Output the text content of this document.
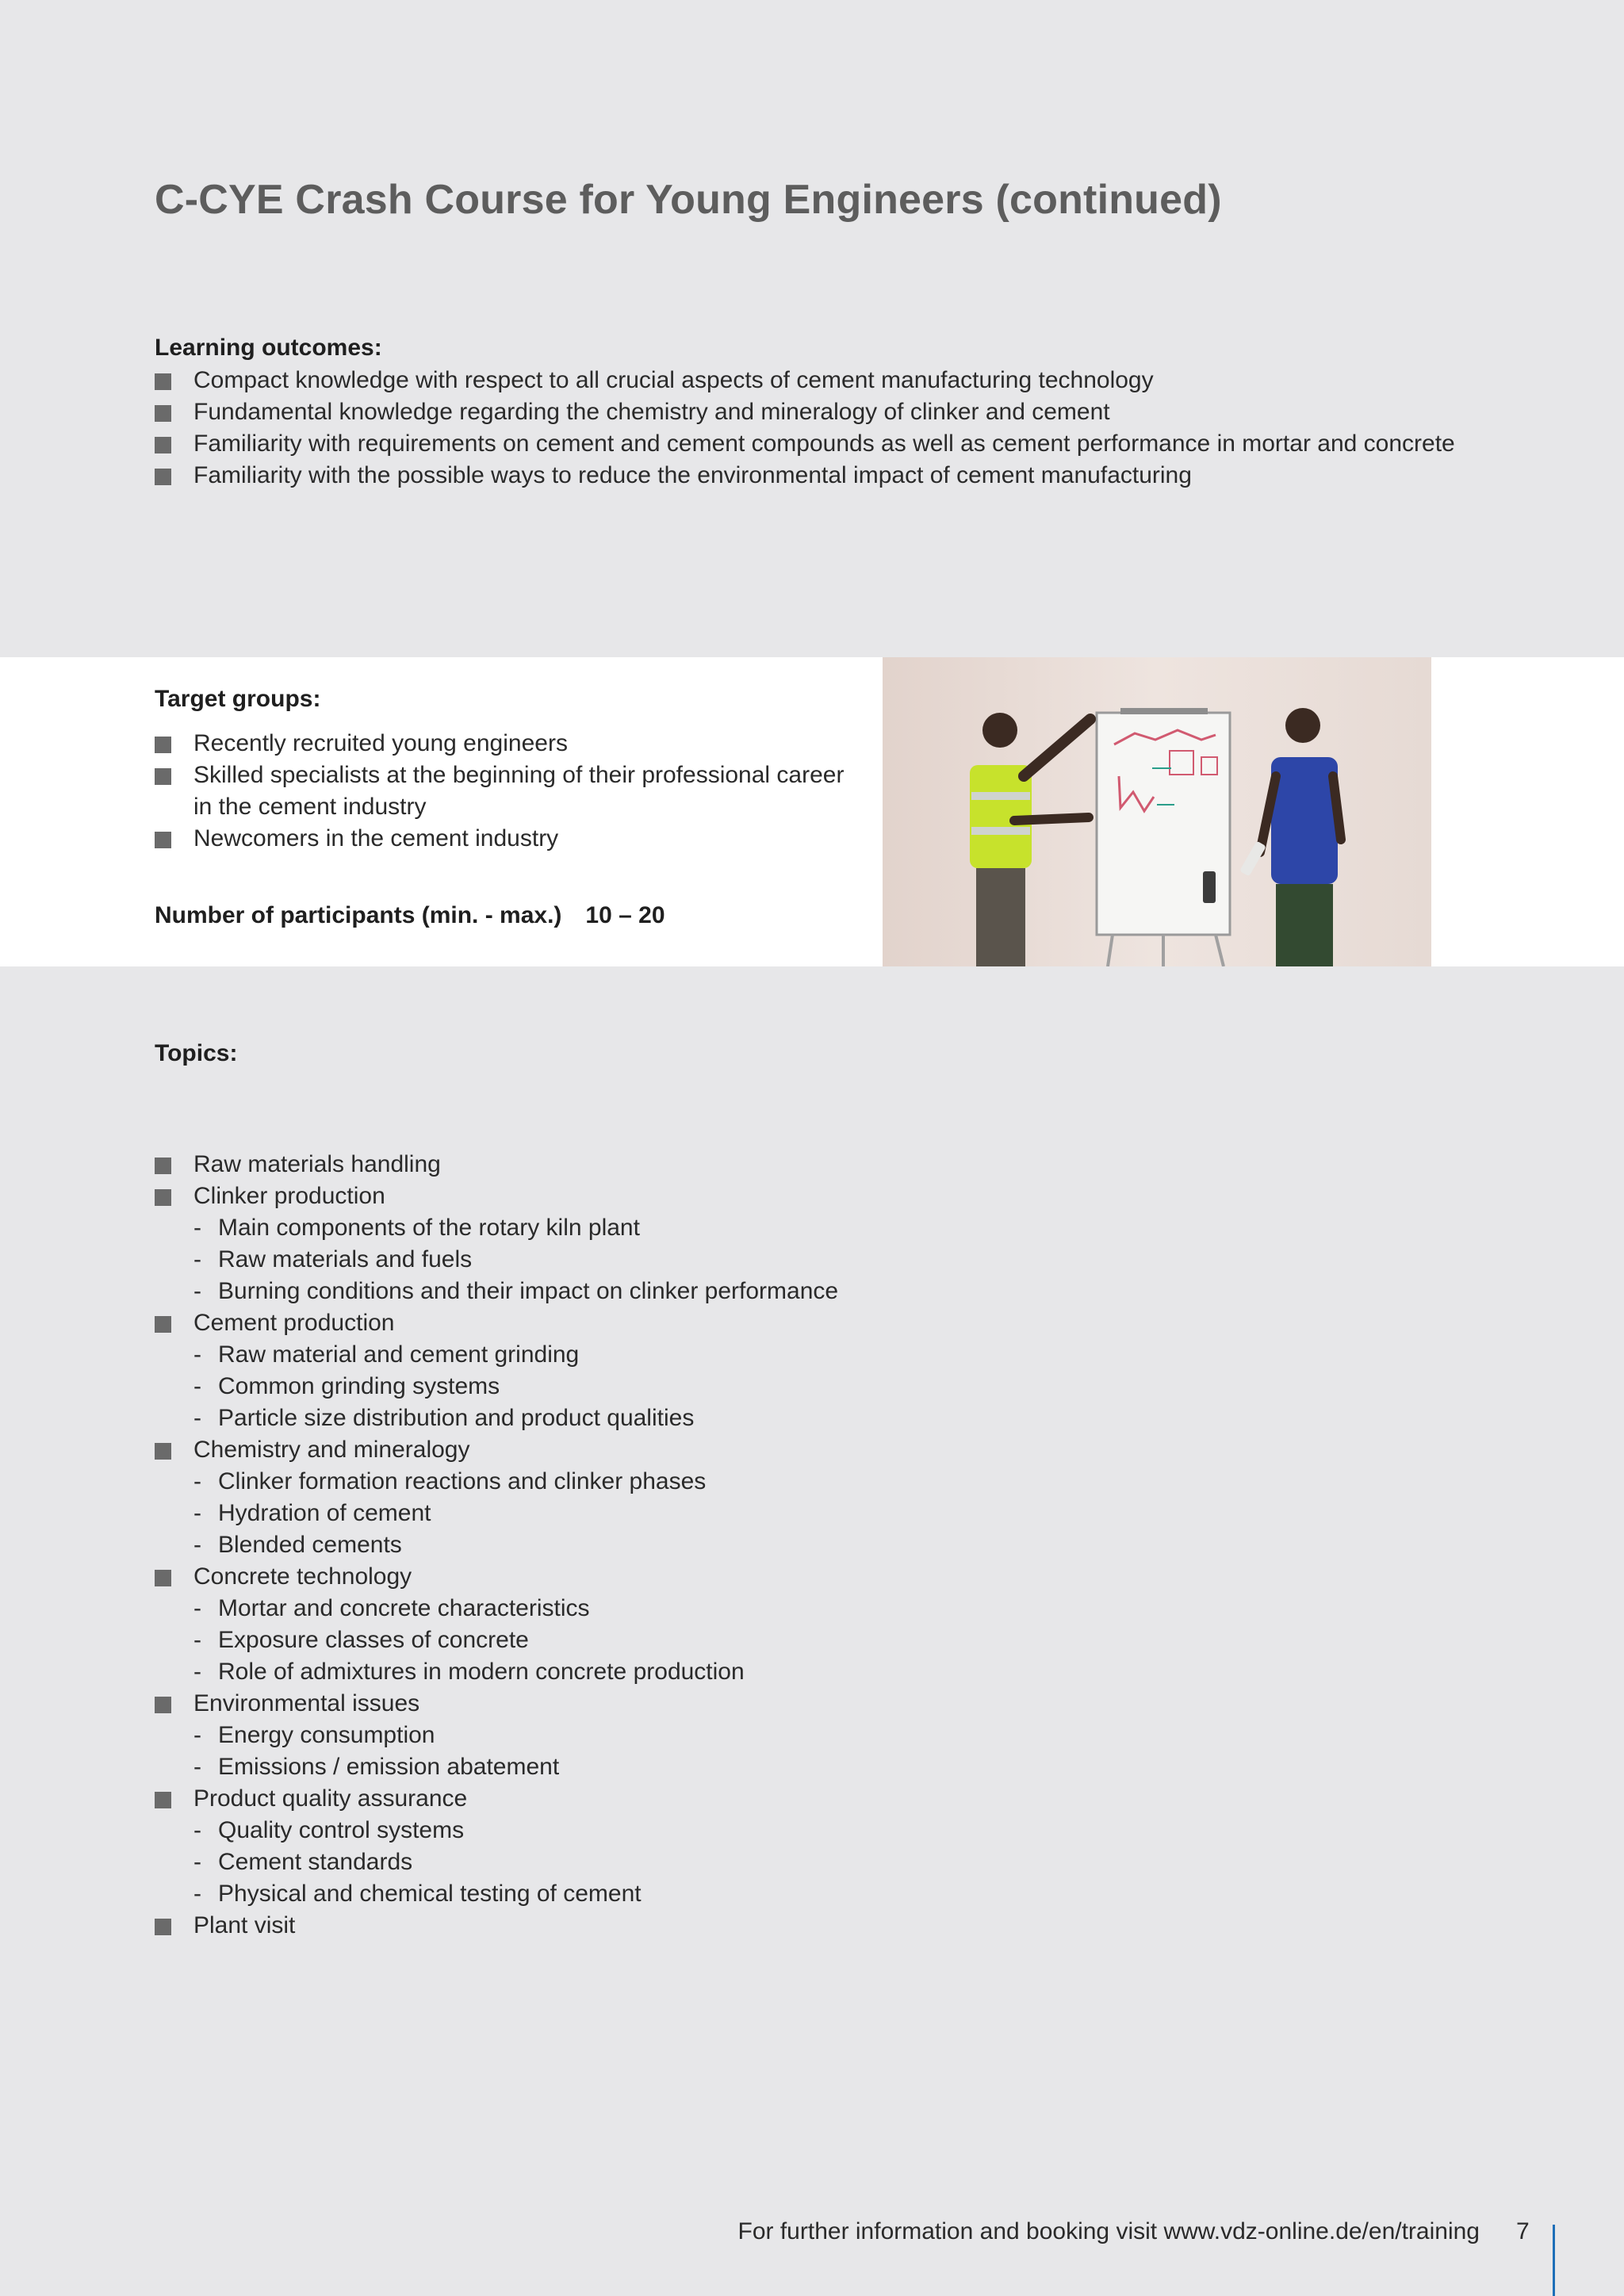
C-CYE Crash Course for Young Engineers (continued)
Learning outcomes:
Compact knowledge with respect to all crucial aspects of cement manufacturing technology
Fundamental knowledge regarding the chemistry and mineralogy of clinker and cement
Familiarity with requirements on cement and cement compounds as well as cement performance in mortar and concrete
Familiarity with the possible ways to reduce the environmental impact of cement manufacturing
Target groups:
Recently recruited young engineers
Skilled specialists at the beginning of their professional career in the cement industry
Newcomers in the cement industry
Number of participants (min. - max.) 10 – 20
Topics:
Raw materials handling
Clinker production
- Main components of the rotary kiln plant
- Raw materials and fuels
- Burning conditions and their impact on clinker performance
Cement production
- Raw material and cement grinding
- Common grinding systems
- Particle size distribution and product qualities
Chemistry and mineralogy
- Clinker formation reactions and clinker phases
- Hydration of cement
- Blended cements
Concrete technology
- Mortar and concrete characteristics
- Exposure classes of concrete
- Role of admixtures in modern concrete production
Environmental issues
- Energy consumption
- Emissions / emission abatement
Product quality assurance
- Quality control systems
- Cement standards
- Physical and chemical testing of cement
Plant visit
For further information and booking visit www.vdz-online.de/en/training 7
